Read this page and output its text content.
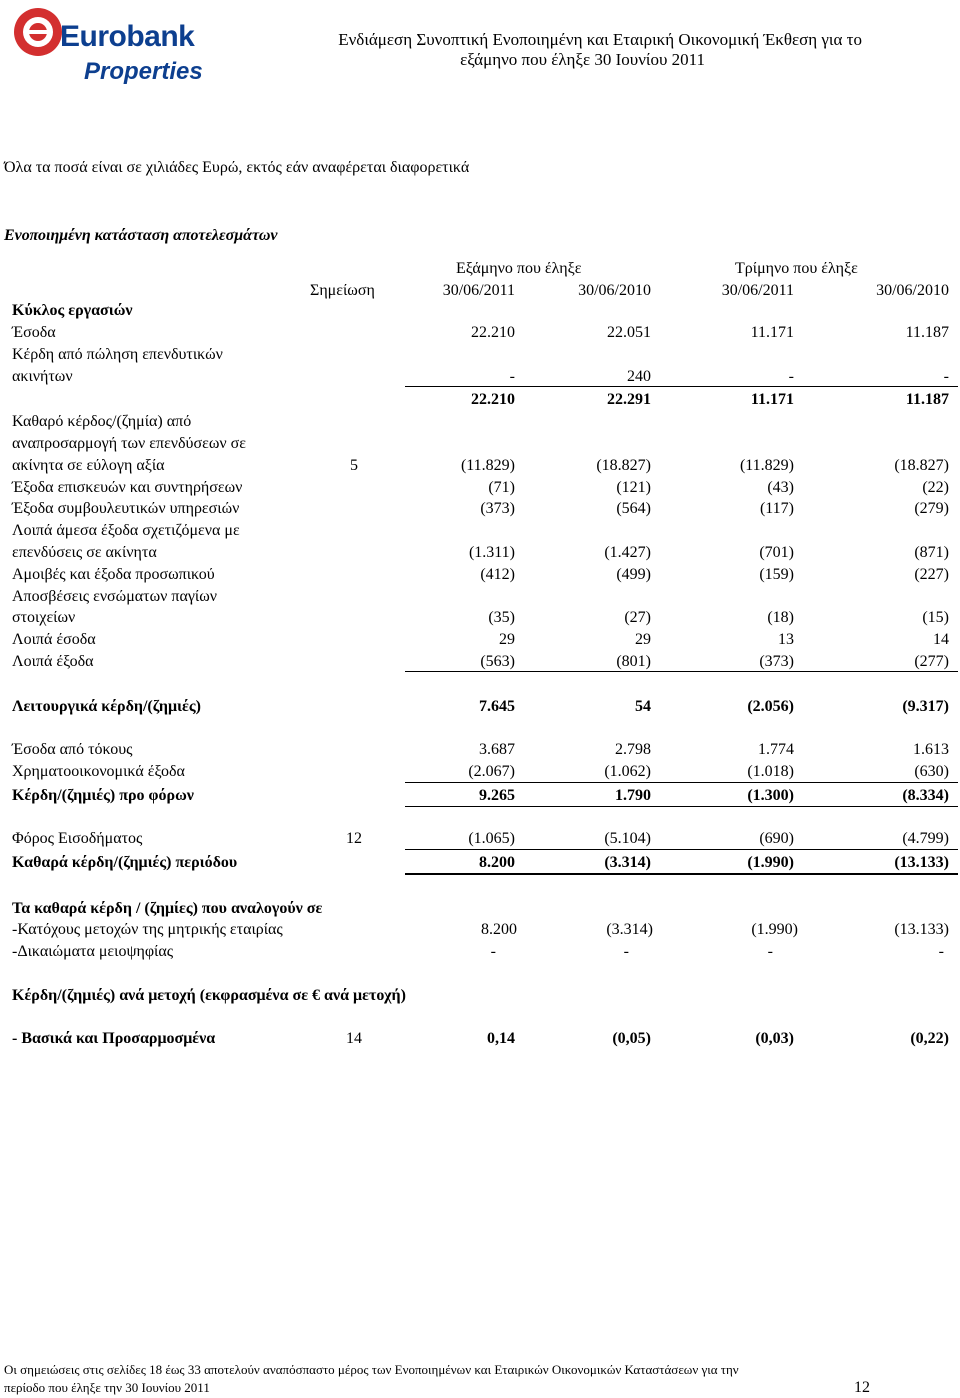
Eurobank
Properties
Ενδιάμεση Συνοπτική Ενοποιημένη και Εταιρική Οικονομική Έκθεση για το
εξάμηνο που έληξε 30 Ιουνίου 2011
Όλα τα ποσά είναι σε χιλιάδες Ευρώ, εκτός εάν αναφέρεται διαφορετικά
Ενοποιημένη κατάσταση αποτελεσμάτων
Εξάμηνο που έληξε	Τρίμηνο που έληξε
Σημείωση	30/06/2011	30/06/2010	30/06/2011	30/06/2010
Κύκλος εργασιών
Έσοδα	22.210	22.051	11.171	11.187
Κέρδη από πώληση επενδυτικών
ακινήτων	-	240	-	-
22.210	22.291	11.171	11.187
Καθαρό κέρδος/(ζημία) από
αναπροσαρμογή των επενδύσεων σε
ακίνητα σε εύλογη αξία	5	(11.829)	(18.827)	(11.829)	(18.827)
Έξοδα επισκευών και συντηρήσεων	(71)	(121)	(43)	(22)
Έξοδα συμβουλευτικών υπηρεσιών	(373)	(564)	(117)	(279)
Λοιπά άμεσα έξοδα σχετιζόμενα με
επενδύσεις σε ακίνητα	(1.311)	(1.427)	(701)	(871)
Αμοιβές και έξοδα προσωπικού	(412)	(499)	(159)	(227)
Αποσβέσεις ενσώματων παγίων
στοιχείων	(35)	(27)	(18)	(15)
Λοιπά έσοδα	29	29	13	14
Λοιπά έξοδα	(563)	(801)	(373)	(277)
Λειτουργικά κέρδη/(ζημιές)	7.645	54	(2.056)	(9.317)
Έσοδα από τόκους	3.687	2.798	1.774	1.613
Χρηματοοικονομικά έξοδα	(2.067)	(1.062)	(1.018)	(630)
Κέρδη/(ζημιές) προ φόρων	9.265	1.790	(1.300)	(8.334)
Φόρος Εισοδήματος	12	(1.065)	(5.104)	(690)	(4.799)
Καθαρά κέρδη/(ζημιές) περιόδου	8.200	(3.314)	(1.990)	(13.133)
Τα καθαρά κέρδη / (ζημίες) που αναλογούν σε
-Κατόχους μετοχών της μητρικής εταιρίας	8.200	(3.314)	(1.990)	(13.133)
-Δικαιώματα μειοψηφίας	-	-	-	-
Κέρδη/(ζημιές) ανά μετοχή (εκφρασμένα σε € ανά μετοχή)
- Βασικά και Προσαρμοσμένα	14	0,14	(0,05)	(0,03)	(0,22)
Οι σημειώσεις στις σελίδες 18 έως 33 αποτελούν αναπόσπαστο μέρος των Ενοποιημένων και Εταιρικών Οικονομικών Καταστάσεων για την
περίοδο που έληξε την 30 Ιουνίου 2011	12
